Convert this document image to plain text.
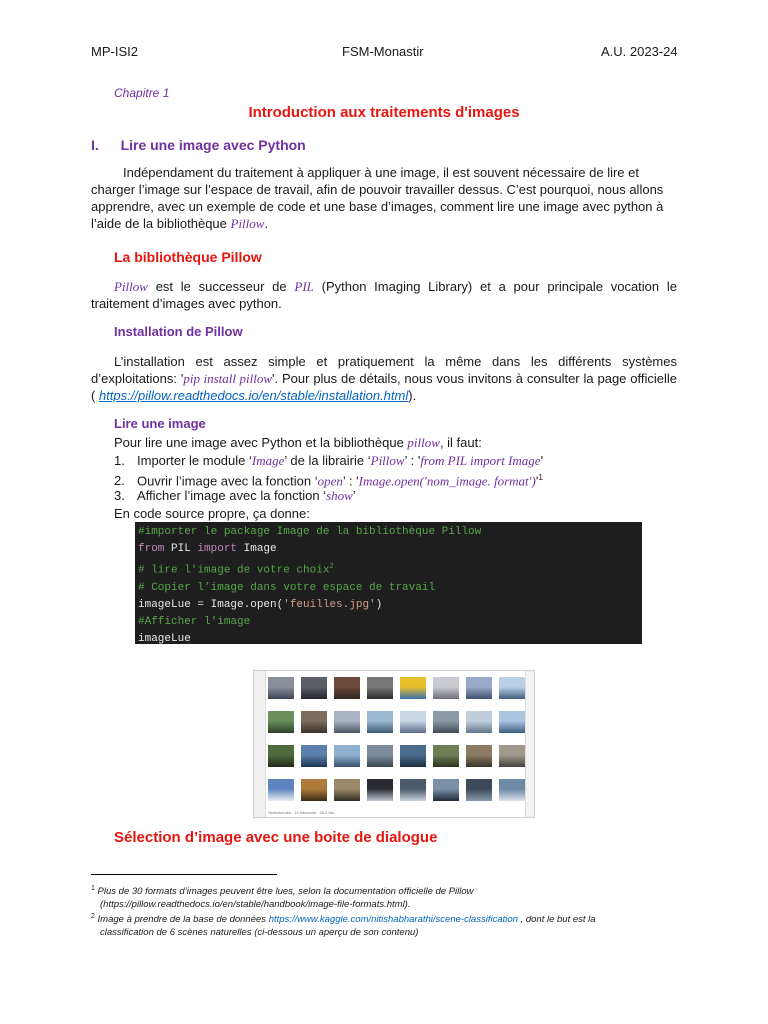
MP-ISI2	FSM-Monastir	A.U. 2023-24
Chapitre 1
Introduction aux traitements d'images
I. Lire une image avec Python
Indépendament du traitement à appliquer à une image, il est souvent nécessaire de lire et charger l’image sur l’espace de travail, afin de pouvoir travailler dessus. C’est pourquoi, nous allons apprendre, avec un exemple de code et une base d’images, comment lire une image avec python à l’aide de la bibliothèque Pillow.
La bibliothèque Pillow
Pillow est le successeur de PIL (Python Imaging Library) et a pour principale vocation le traitement d’images avec python.
Installation de Pillow
L’installation est assez simple et pratiquement la même dans les différents systèmes d’exploitations: 'pip install pillow'. Pour plus de détails, nous vous invitons à consulter la page officielle ( https://pillow.readthedocs.io/en/stable/installation.html).
Lire une image
Pour lire une image avec Python et la bibliothèque pillow, il faut:
1. Importer le module ‘Image’ de la librairie ‘Pillow’ : 'from PIL import Image'
2. Ouvrir l’image avec la fonction ‘open’ : 'Image.open(′nom_image. $format')'^1$
3. Afficher l’image avec la fonction ‘show’
En code source propre, ça donne:
#importer le package Image de la bibliothèque Pillow
from PIL import Image
# lire l'image de votre choix$^2$
# Copier l’image dans votre espace de travail
imageLue = Image.open('feuilles.jpg')
#Afficher l'image
imageLue
Sélectionnés : 24 éléments · 26,2 Mo
Sélection d’image avec une boite de dialogue
$^1$ Plus de 30 formats d’images peuvent être lues, selon la documentation officielle de Pillow
(https://pillow.readthedocs.io/en/stable/handbook/image-file-formats.html).
$^2$ Image à prendre de la base de données https://www.kaggle.com/nitishabharathi/scene-classification , dont le but est la
classification de 6 scènes naturelles (ci-dessous un aperçu de son contenu)
